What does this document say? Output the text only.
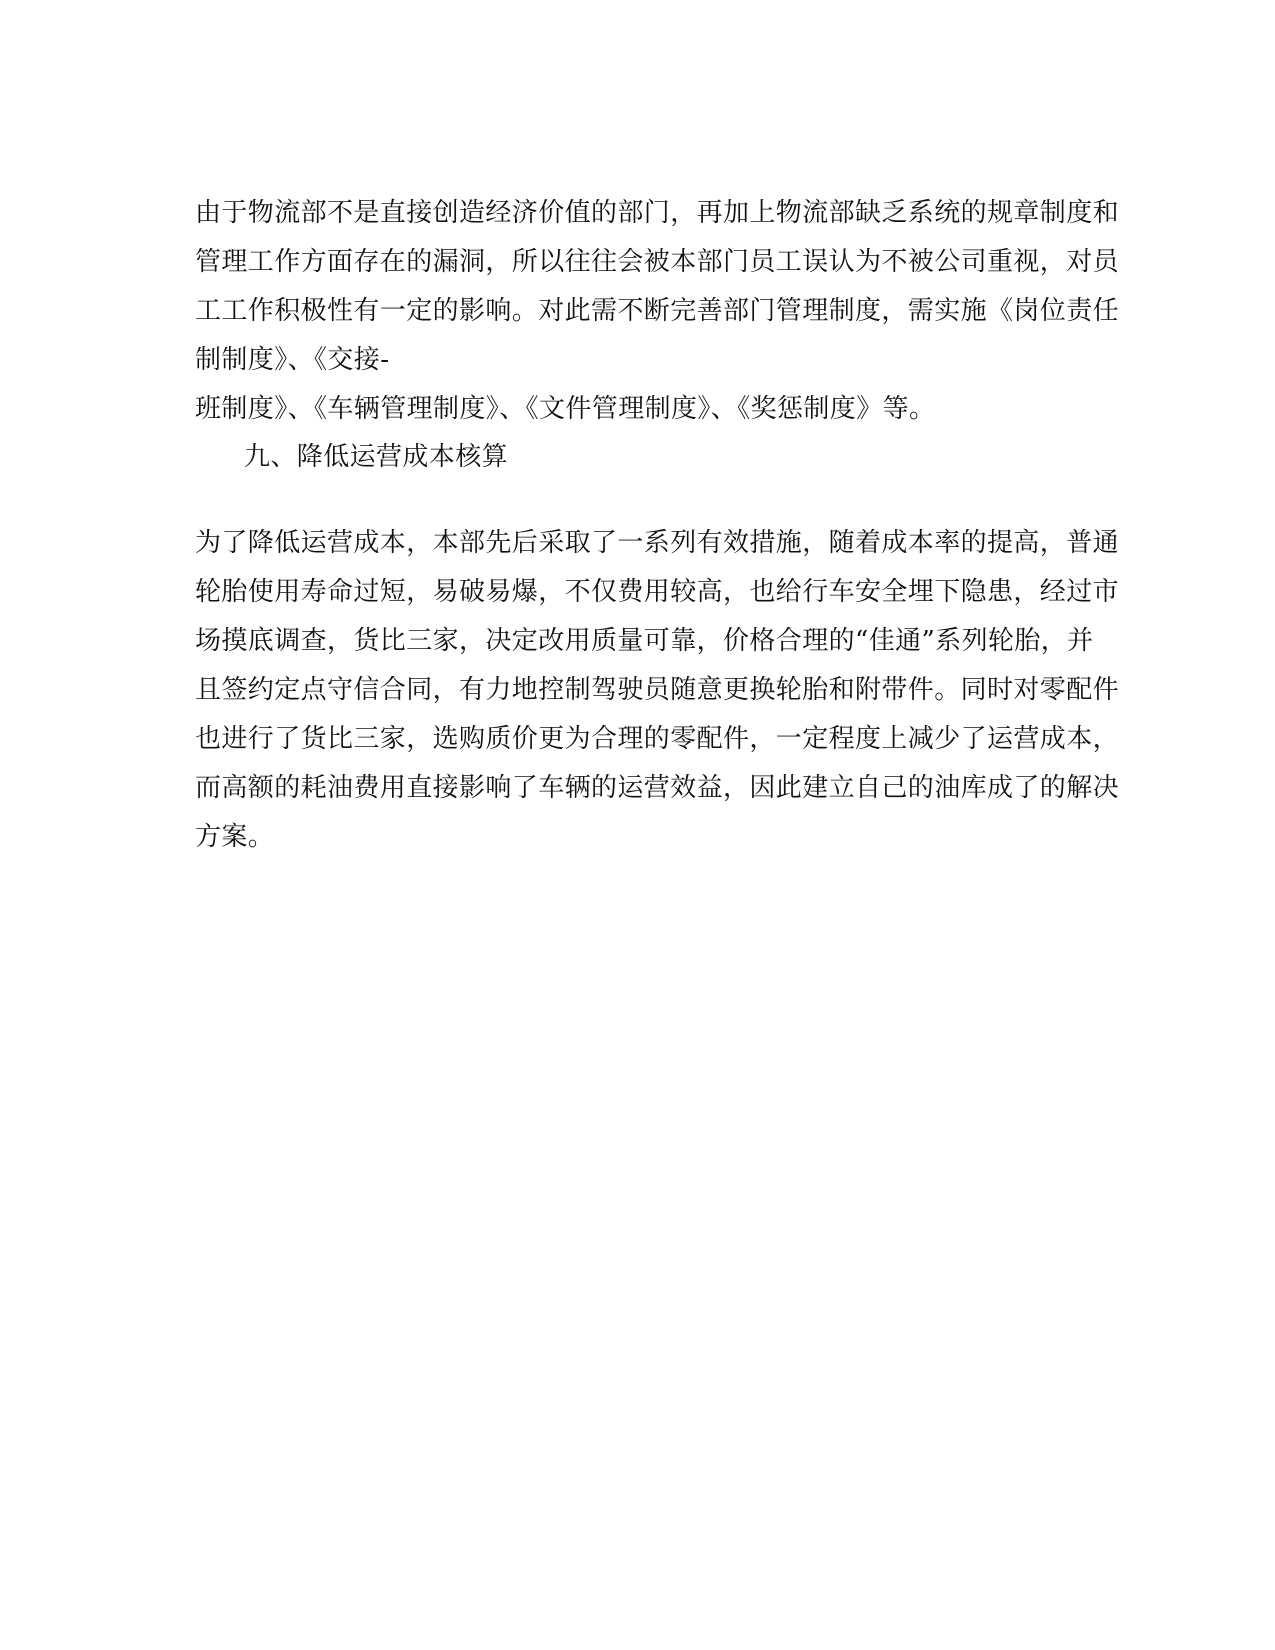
由于物流部不是直接创造经济价值的部门，再加上物流部缺乏系统的规章制度和
管理工作方面存在的漏洞，所以往往会被本部门员工误认为不被公司重视，对员
工工作积极性有一定的影响。对此需不断完善部门管理制度，需实施《岗位责任
制制度》、《交接-
班制度》、《车辆管理制度》、《文件管理制度》、《奖惩制度》等。
九、降低运营成本核算
为了降低运营成本，本部先后采取了一系列有效措施，随着成本率的提高，普通
轮胎使用寿命过短，易破易爆，不仅费用较高，也给行车安全埋下隐患，经过市
场摸底调查，货比三家，决定改用质量可靠，价格合理的“佳通”系列轮胎，并
且签约定点守信合同，有力地控制驾驶员随意更换轮胎和附带件。同时对零配件
也进行了货比三家，选购质价更为合理的零配件，一定程度上减少了运营成本，
而高额的耗油费用直接影响了车辆的运营效益，因此建立自己的油库成了的解决
方案。
